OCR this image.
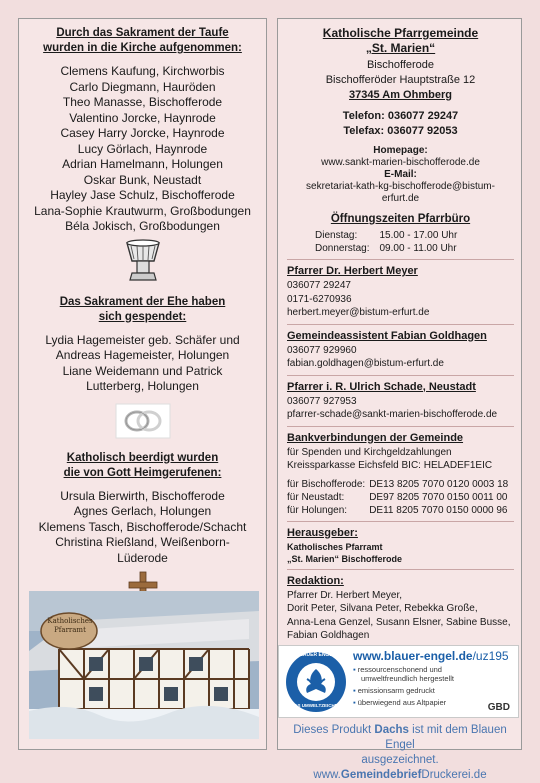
Durch das Sakrament der Taufe
wurden in die Kirche aufgenommen:
Clemens Kaufung, Kirchworbis
Carlo Diegmann, Hauröden
Theo Manasse, Bischofferode
Valentino Jorcke, Haynrode
Casey Harry Jorcke, Haynrode
Lucy Görlach, Haynrode
Adrian Hamelmann, Holungen
Oskar Bunk, Neustadt
Hayley Jase Schulz, Bischofferode
Lana-Sophie Krautwurm, Großbodungen
Béla Jokisch, Großbodungen
Das Sakrament der Ehe haben
sich gespendet:
Lydia Hagemeister geb. Schäfer und
Andreas Hagemeister, Holungen
Liane Weidemann und Patrick
Lutterberg, Holungen
Katholisch beerdigt wurden
die von Gott Heimgerufenen:
Ursula Bierwirth, Bischofferode
Agnes Gerlach, Holungen
Klemens Tasch, Bischofferode/Schacht
Christina Rießland, Weißenborn-
Lüderode
Katholisches
Pfarramt
Katholische Pfarrgemeinde
„St. Marien“
Bischofferode
Bischofferöder Hauptstraße 12
37345 Am Ohmberg
Telefon: 036077 29247
Telefax: 036077 92053
Homepage:
www.sankt-marien-bischofferode.de
E-Mail:
sekretariat-kath-kg-bischofferode@bistum-
erfurt.de
Öffnungszeiten Pfarrbüro
Dienstag:	15.00 - 17.00 Uhr
Donnerstag:	09.00 - 11.00 Uhr
Pfarrer Dr. Herbert Meyer
036077 29247
0171-6270936
herbert.meyer@bistum-erfurt.de
Gemeindeassistent Fabian Goldhagen
036077 929960
fabian.goldhagen@bistum-erfurt.de
Pfarrer i. R. Ulrich Schade, Neustadt
036077 927953
pfarrer-schade@sankt-marien-bischofferode.de
Bankverbindungen der Gemeinde
für Spenden und Kirchgeldzahlungen
Kreissparkasse Eichsfeld BIC: HELADEF1EIC
für Bischofferode:	DE13 8205 7070 0120 0003 18
für Neustadt:	DE97 8205 7070 0150 0011 00
für Holungen:	DE11 8205 7070 0150 0000 96
Herausgeber:
Katholisches Pfarramt
„St. Marien“ Bischofferode
Redaktion:
Pfarrer Dr. Herbert Meyer,
Dorit Peter, Silvana Peter, Rebekka Große,
Anna-Lena Genzel, Susann Elsner, Sabine Busse,
Fabian Goldhagen
BLAUER ENGEL
DAS UMWELTZEICHEN
www.blauer-engel.de/uz195
▪ ressourcenschonend und
umweltfreundlich hergestellt
▪ emissionsarm gedruckt
▪ überwiegend aus Altpapier	GBD
Dieses Produkt Dachs ist mit dem Blauen Engel
ausgezeichnet. www.GemeindebriefDruckerei.de
